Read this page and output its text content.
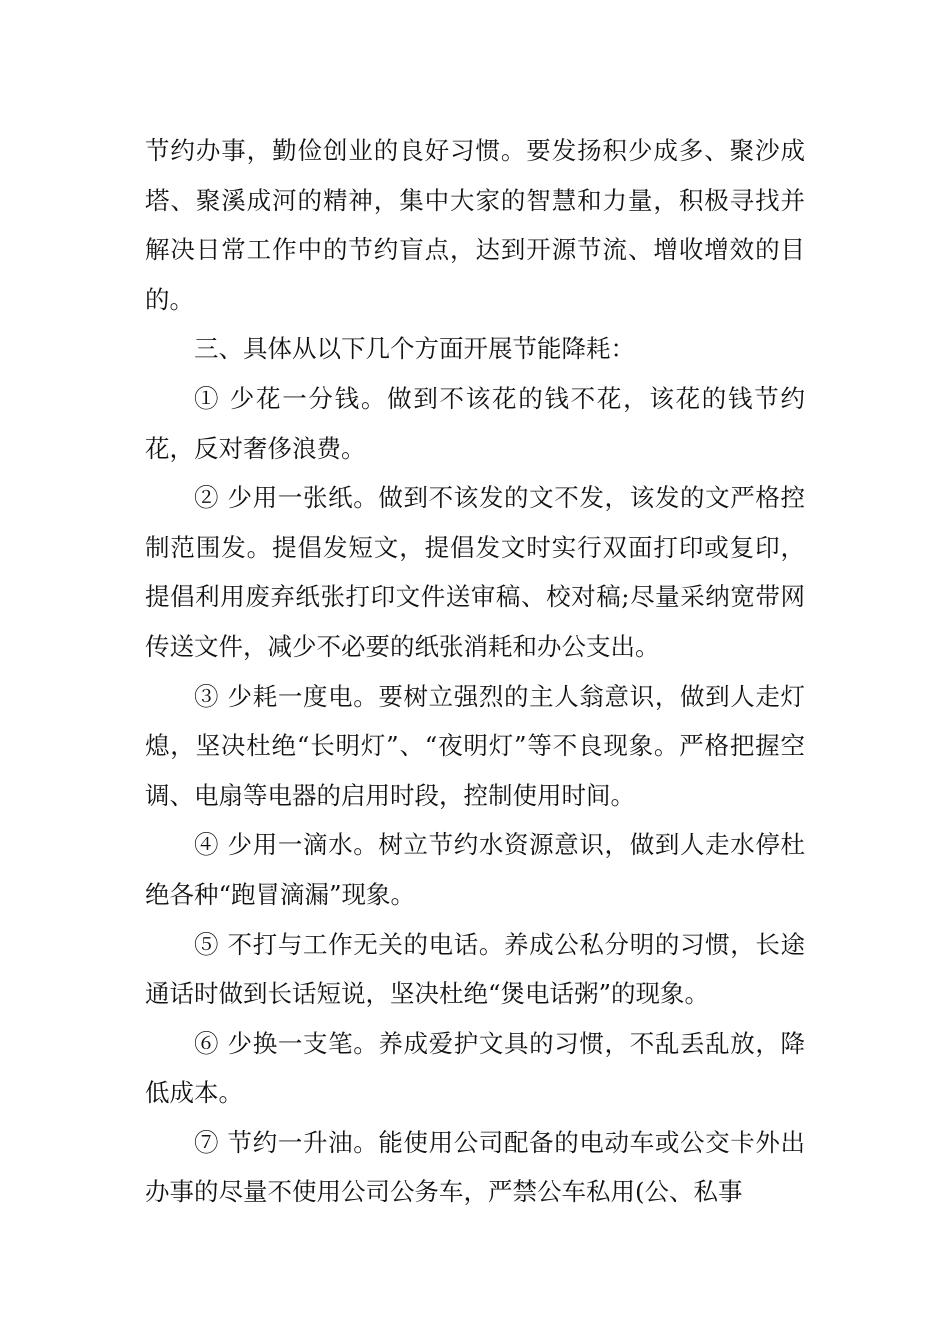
节约办事，勤俭创业的良好习惯。要发扬积少成多、聚沙成塔、聚溪成河的精神，集中大家的智慧和力量，积极寻找并解决日常工作中的节约盲点，达到开源节流、增收增效的目的。

三、具体从以下几个方面开展节能降耗：

① 少花一分钱。做到不该花的钱不花，该花的钱节约花，反对奢侈浪费。

② 少用一张纸。做到不该发的文不发，该发的文严格控制范围发。提倡发短文，提倡发文时实行双面打印或复印，提倡利用废弃纸张打印文件送审稿、校对稿;尽量采纳宽带网传送文件，减少不必要的纸张消耗和办公支出。

③ 少耗一度电。要树立强烈的主人翁意识，做到人走灯熄，坚决杜绝“长明灯”、“夜明灯”等不良现象。严格把握空调、电扇等电器的启用时段，控制使用时间。

④ 少用一滴水。树立节约水资源意识，做到人走水停杜绝各种“跑冒滴漏”现象。

⑤ 不打与工作无关的电话。养成公私分明的习惯，长途通话时做到长话短说，坚决杜绝“煲电话粥”的现象。

⑥ 少换一支笔。养成爱护文具的习惯，不乱丢乱放，降低成本。

⑦ 节约一升油。能使用公司配备的电动车或公交卡外出办事的尽量不使用公司公务车，严禁公车私用(公、私事
